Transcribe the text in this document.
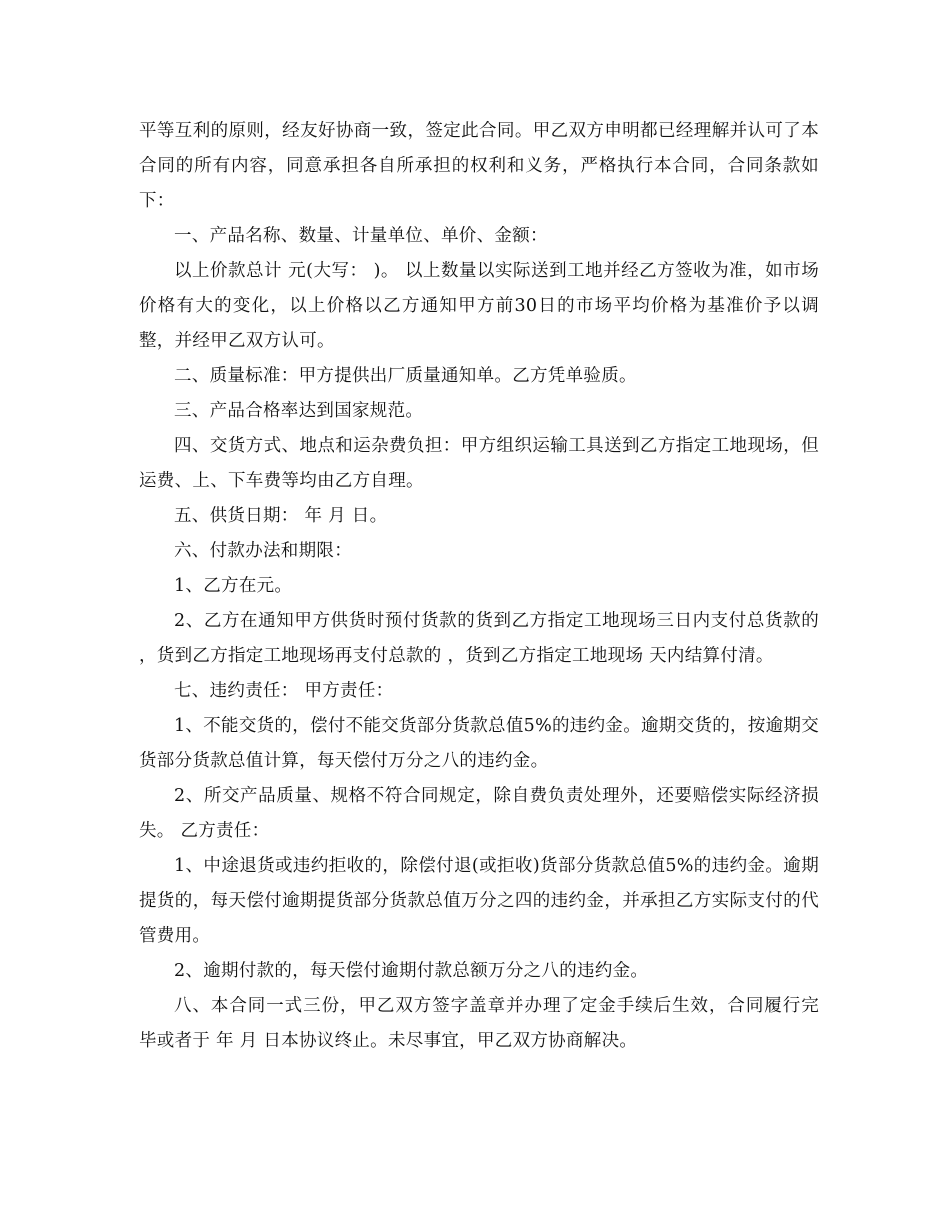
平等互利的原则，经友好协商一致，签定此合同。甲乙双方申明都已经理解并认可了本合同的所有内容，同意承担各自所承担的权利和义务，严格执行本合同，合同条款如下：

一、产品名称、数量、计量单位、单价、金额：

以上价款总计 元(大写： )。 以上数量以实际送到工地并经乙方签收为准，如市场价格有大的变化，以上价格以乙方通知甲方前30日的市场平均价格为基准价予以调整，并经甲乙双方认可。

二、质量标准：甲方提供出厂质量通知单。乙方凭单验质。

三、产品合格率达到国家规范。

四、交货方式、地点和运杂费负担：甲方组织运输工具送到乙方指定工地现场，但运费、上、下车费等均由乙方自理。

五、供货日期： 年 月 日。

六、付款办法和期限：

1、乙方在元。

2、乙方在通知甲方供货时预付货款的货到乙方指定工地现场三日内支付总货款的 ，货到乙方指定工地现场再支付总款的 ，货到乙方指定工地现场 天内结算付清。

七、违约责任： 甲方责任：

1、不能交货的，偿付不能交货部分货款总值5%的违约金。逾期交货的，按逾期交货部分货款总值计算，每天偿付万分之八的违约金。

2、所交产品质量、规格不符合同规定，除自费负责处理外，还要赔偿实际经济损失。 乙方责任：

1、中途退货或违约拒收的，除偿付退(或拒收)货部分货款总值5%的违约金。逾期提货的，每天偿付逾期提货部分货款总值万分之四的违约金，并承担乙方实际支付的代管费用。

2、逾期付款的，每天偿付逾期付款总额万分之八的违约金。

八、本合同一式三份，甲乙双方签字盖章并办理了定金手续后生效，合同履行完 毕或者于 年 月 日本协议终止。未尽事宜，甲乙双方协商解决。
